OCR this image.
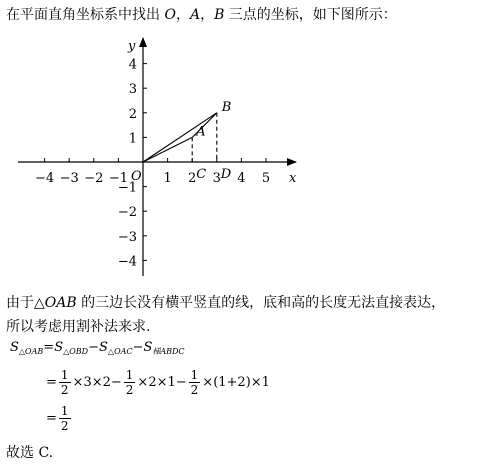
在平面直角坐标系中找出 O，A，B 三点的坐标，如下图所示：
x
y
−4 −3 −2 −1	1 2 3 4 5
4
3
2
1
−1
−2
−3
−4
O
A
B
C D
由于△OAB 的三边长没有横平竖直的线，底和高的长度无法直接表达，
所以考虑用割补法来求.
S △OAB = S △OBD − S △OAC − S 梯ABDC
= $\frac{1}{2} \times 3\times 2- \frac{1}{2} \times 2\times 1- \frac{1}{2} \times(1+2)\times 1$
= $\frac{1}{2}$
故选 C.
